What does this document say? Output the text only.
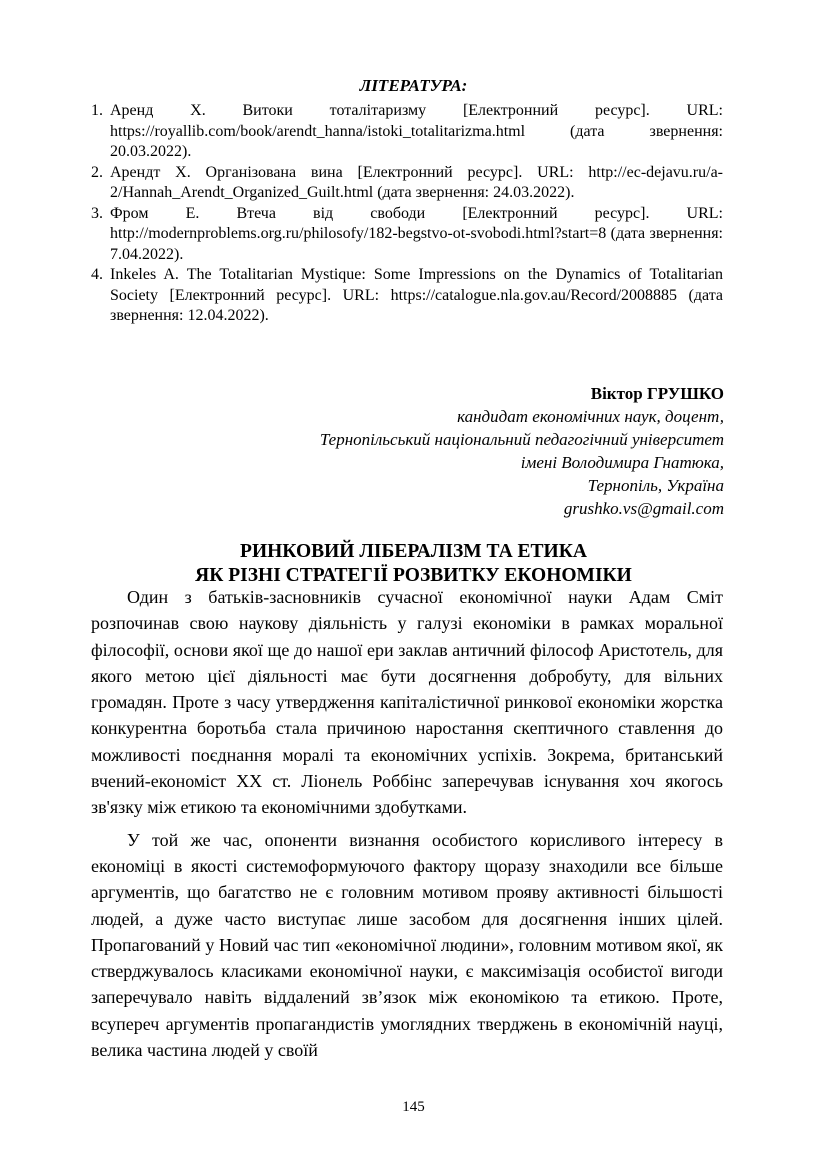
ЛІТЕРАТУРА:
1. Аренд Х. Витоки тоталітаризму [Електронний ресурс]. URL: https://royallib.com/book/arendt_hanna/istoki_totalitarizma.html (дата звернення: 20.03.2022).
2. Арендт Х. Організована вина [Електронний ресурс]. URL: http://ec-dejavu.ru/a-2/Hannah_Arendt_Organized_Guilt.html (дата звернення: 24.03.2022).
3. Фром Е. Втеча від свободи [Електронний ресурс]. URL: http://modernproblems.org.ru/philosofy/182-begstvo-ot-svobodi.html?start=8 (дата звернення: 7.04.2022).
4. Inkeles A. The Totalitarian Mystique: Some Impressions on the Dynamics of Totalitarian Society [Електронний ресурс]. URL: https://catalogue.nla.gov.au/Record/2008885 (дата звернення: 12.04.2022).
Віктор ГРУШКО
кандидат економічних наук, доцент,
Тернопільський національний педагогічний університет
імені Володимира Гнатюка,
Тернопіль, Україна
grushko.vs@gmail.com
РИНКОВИЙ ЛІБЕРАЛІЗМ ТА ЕТИКА
ЯК РІЗНІ СТРАТЕГІЇ РОЗВИТКУ ЕКОНОМІКИ

Один з батьків-засновників сучасної економічної науки Адам Сміт розпочинав свою наукову діяльність у галузі економіки в рамках моральної філософії, основи якої ще до нашої ери заклав античний філософ Аристотель, для якого метою цієї діяльності має бути досягнення добробуту, для вільних громадян. Проте з часу утвердження капіталістичної ринкової економіки жорстка конкурентна боротьба стала причиною наростання скептичного ставлення до можливості поєднання моралі та економічних успіхів. Зокрема, британський вчений-економіст XX ст. Ліонель Роббінс заперечував існування хоч якогось зв'язку між етикою та економічними здобутками.

У той же час, опоненти визнання особистого корисливого інтересу в економіці в якості системоформуючого фактору щоразу знаходили все більше аргументів, що багатство не є головним мотивом прояву активності більшості людей, а дуже часто виступає лише засобом для досягнення інших цілей. Пропагований у Новий час тип «економічної людини», головним мотивом якої, як стверджувалось класиками економічної науки, є максимізація особистої вигоди заперечувало навіть віддалений зв’язок між економікою та етикою. Проте, всупереч аргументів пропагандистів умоглядних тверджень в економічній науці, велика частина людей у своїй

145
